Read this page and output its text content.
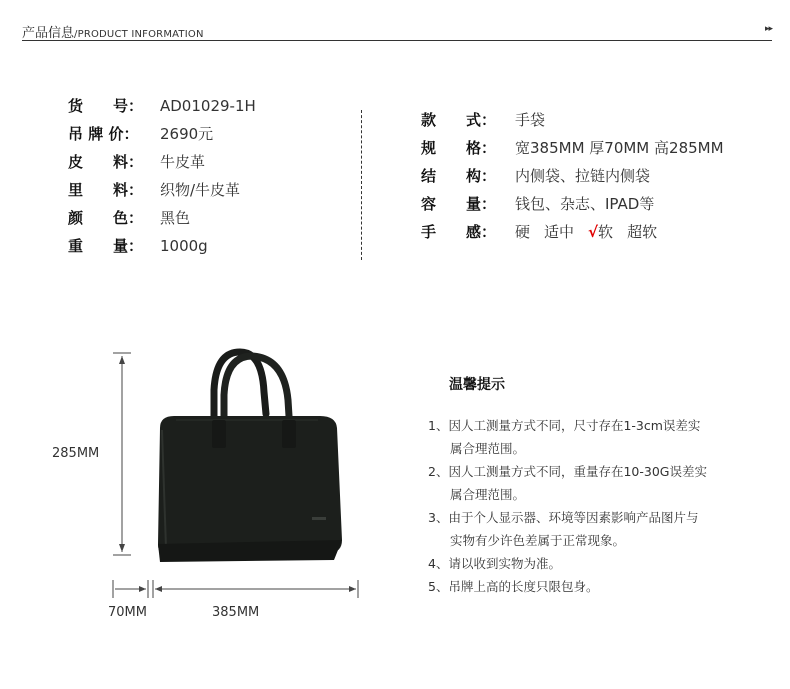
产品信息/PRODUCT INFORMATION	▸▸
货　　号： AD01029-1H
吊 牌 价： 2690元
皮　　料： 牛皮革
里　　料： 织物/牛皮革
颜　　色： 黑色
重　　量： 1000g
款　　式： 手袋
规　　格： 宽385MM 厚70MM 高285MM
结　　构： 内侧袋、拉链内侧袋
容　　量： 钱包、杂志、IPAD等
手　　感： 硬 适中 √软 超软
285MM
70MM	385MM
温馨提示

1、因人工测量方式不同，尺寸存在1-3cm误差实

属合理范围。

2、因人工测量方式不同，重量存在10-30G误差实

属合理范围。

3、由于个人显示器、环境等因素影响产品图片与

实物有少许色差属于正常现象。

4、请以收到实物为准。

5、吊牌上高的长度只限包身。
